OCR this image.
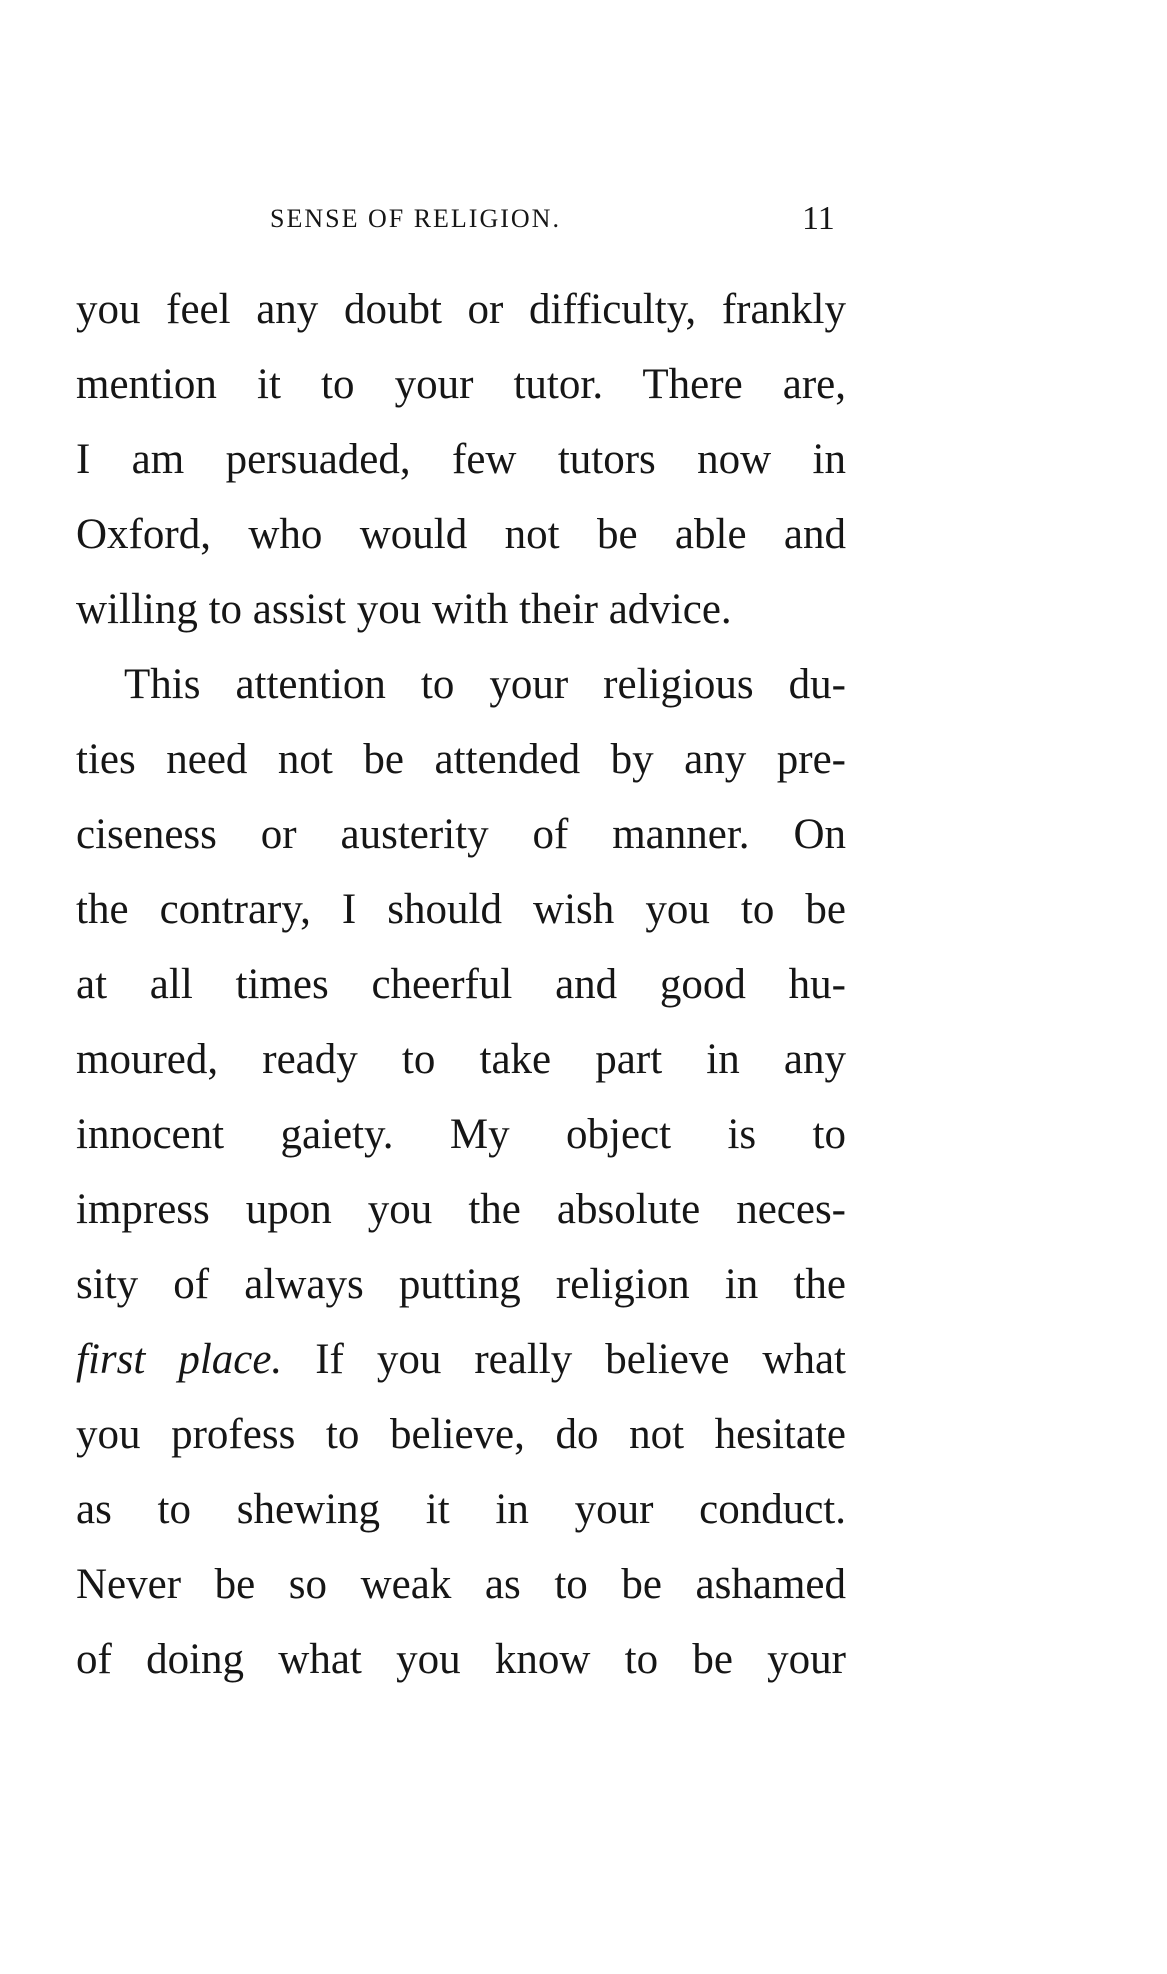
SENSE OF RELIGION.	11
you feel any doubt or difficulty, frankly
mention it to your tutor. There are,
I am persuaded, few tutors now in
Oxford, who would not be able and
willing to assist you with their advice.
This attention to your religious du-
ties need not be attended by any pre-
ciseness or austerity of manner. On
the contrary, I should wish you to be
at all times cheerful and good hu-
moured, ready to take part in any
innocent gaiety. My object is to
impress upon you the absolute neces-
sity of always putting religion in the
first place. If you really believe what
you profess to believe, do not hesitate
as to shewing it in your conduct.
Never be so weak as to be ashamed
of doing what you know to be your
